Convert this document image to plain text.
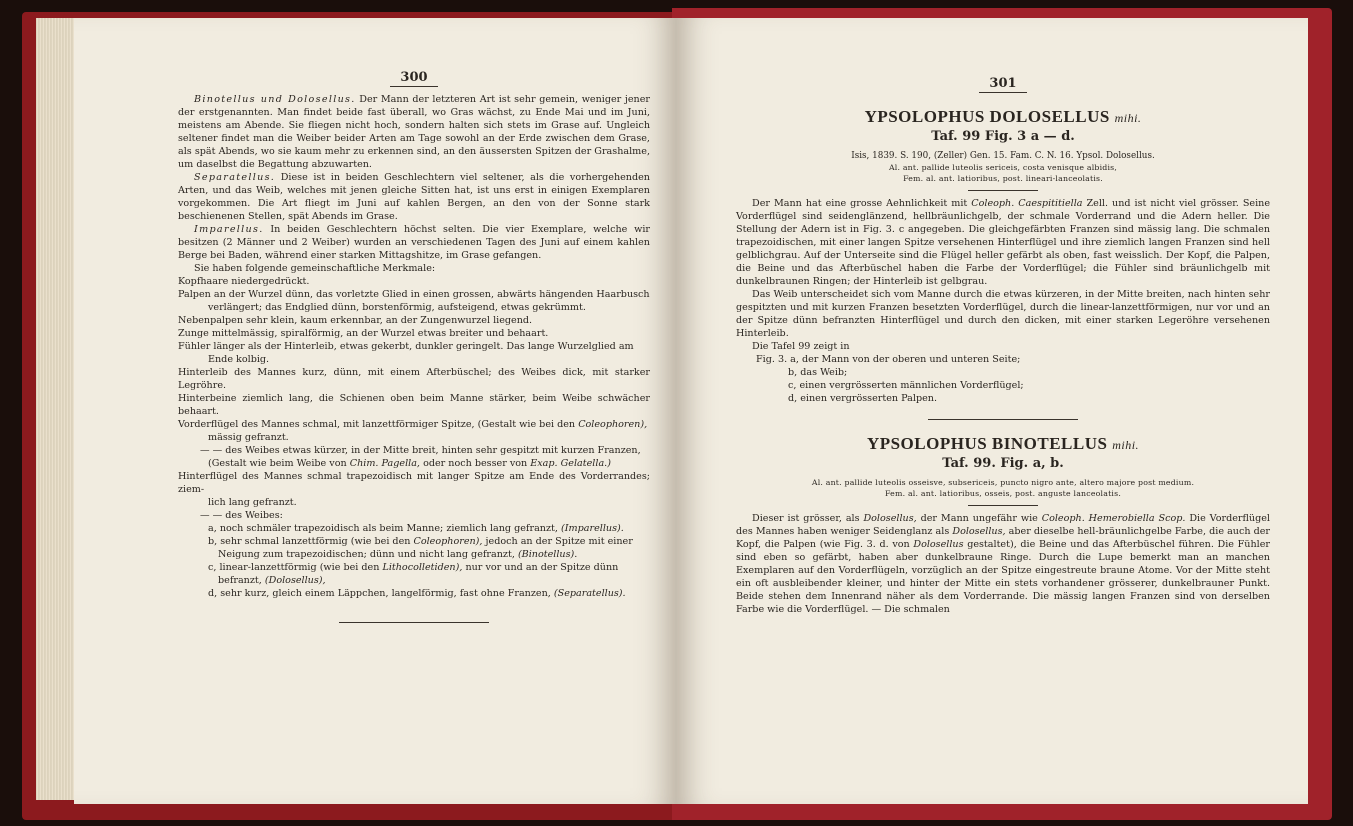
300

Binotellus und Dolosellus. Der Mann der letzteren Art ist sehr gemein, weniger jener der erstgenannten. Man findet beide fast überall, wo Gras wächst, zu Ende Mai und im Juni, meistens am Abende. Sie fliegen nicht hoch, sondern halten sich stets im Grase auf. Ungleich seltener findet man die Weiber beider Arten am Tage sowohl an der Erde zwischen dem Grase, als spät Abends, wo sie kaum mehr zu erkennen sind, an den äussersten Spitzen der Grashalme, um daselbst die Begattung abzuwarten.

Separatellus. Diese ist in beiden Geschlechtern viel seltener, als die vorhergehenden Arten, und das Weib, welches mit jenen gleiche Sitten hat, ist uns erst in einigen Exemplaren vorgekommen. Die Art fliegt im Juni auf kahlen Bergen, an den von der Sonne stark beschienenen Stellen, spät Abends im Grase.

Imparellus. In beiden Geschlechtern höchst selten. Die vier Exemplare, welche wir besitzen (2 Männer und 2 Weiber) wurden an verschiedenen Tagen des Juni auf einem kahlen Berge bei Baden, während einer starken Mittagshitze, im Grase gefangen.

Sie haben folgende gemeinschaftliche Merkmale:

Kopfhaare niedergedrückt.

Palpen an der Wurzel dünn, das vorletzte Glied in einen grossen, abwärts hängenden Haarbusch

verlängert; das Endglied dünn, borstenförmig, aufsteigend, etwas gekrümmt.

Nebenpalpen sehr klein, kaum erkennbar, an der Zungenwurzel liegend.

Zunge mittelmässig, spiralförmig, an der Wurzel etwas breiter und behaart.

Fühler länger als der Hinterleib, etwas gekerbt, dunkler geringelt. Das lange Wurzelglied am

Ende kolbig.

Hinterleib des Mannes kurz, dünn, mit einem Afterbüschel; des Weibes dick, mit starker Legröhre.

Hinterbeine ziemlich lang, die Schienen oben beim Manne stärker, beim Weibe schwächer behaart.

Vorderflügel des Mannes schmal, mit lanzettförmiger Spitze, (Gestalt wie bei den Coleophoren),

mässig gefranzt.

— — des Weibes etwas kürzer, in der Mitte breit, hinten sehr gespitzt mit kurzen Franzen,

(Gestalt wie beim Weibe von Chim. Pagella, oder noch besser von Exap. Gelatella.)

Hinterflügel des Mannes schmal trapezoidisch mit langer Spitze am Ende des Vorderrandes; ziem-

lich lang gefranzt.

— — des Weibes:

a, noch schmäler trapezoidisch als beim Manne; ziemlich lang gefranzt, (Imparellus).

b, sehr schmal lanzettförmig (wie bei den Coleophoren), jedoch an der Spitze mit einer

Neigung zum trapezoidischen; dünn und nicht lang gefranzt, (Binotellus).

c, linear-lanzettförmig (wie bei den Lithocolletiden), nur vor und an der Spitze dünn

befranzt, (Dolosellus),

d, sehr kurz, gleich einem Läppchen, langelförmig, fast ohne Franzen, (Separatellus).

301
YPSOLOPHUS DOLOSELLUS mihi.
Taf. 99 Fig. 3 a — d.

Isis, 1839. S. 190, (Zeller) Gen. 15. Fam. C. N. 16. Ypsol. Dolosellus.

Al. ant. pallide luteolis sericeis, costa venisque albidis,

Fem. al. ant. latioribus, post. lineari-lanceolatis.

Der Mann hat eine grosse Aehnlichkeit mit Coleoph. Caespititiella Zell. und ist nicht viel grösser. Seine Vorderflügel sind seidenglänzend, hellbräunlichgelb, der schmale Vorderrand und die Adern heller. Die Stellung der Adern ist in Fig. 3. c angegeben. Die gleichgefärbten Franzen sind mässig lang. Die schmalen trapezoidischen, mit einer langen Spitze versehenen Hinterflügel und ihre ziemlich langen Franzen sind hell gelblichgrau. Auf der Unterseite sind die Flügel heller gefärbt als oben, fast weisslich. Der Kopf, die Palpen, die Beine und das Afterbüschel haben die Farbe der Vorderflügel; die Fühler sind bräunlichgelb mit dunkelbraunen Ringen; der Hinterleib ist gelbgrau.

Das Weib unterscheidet sich vom Manne durch die etwas kürzeren, in der Mitte breiten, nach hinten sehr gespitzten und mit kurzen Franzen besetzten Vorderflügel, durch die linear-lanzettförmigen, nur vor und an der Spitze dünn befranzten Hinterflügel und durch den dicken, mit einer starken Legeröhre versehenen Hinterleib.

Die Tafel 99 zeigt in

Fig. 3. a, der Mann von der oberen und unteren Seite;

b, das Weib;

c, einen vergrösserten männlichen Vorderflügel;

d, einen vergrösserten Palpen.

YPSOLOPHUS BINOTELLUS mihi.
Taf. 99. Fig. a, b.

Al. ant. pallide luteolis osseisve, subsericeis, puncto nigro ante, altero majore post medium.

Fem. al. ant. latioribus, osseis, post. anguste lanceolatis.

Dieser ist grösser, als Dolosellus, der Mann ungefähr wie Coleoph. Hemerobiella Scop. Die Vorderflügel des Mannes haben weniger Seidenglanz als Dolosellus, aber dieselbe hell-bräunlichgelbe Farbe, die auch der Kopf, die Palpen (wie Fig. 3. d. von Dolosellus gestaltet), die Beine und das Afterbüschel führen. Die Fühler sind eben so gefärbt, haben aber dunkelbraune Ringe. Durch die Lupe bemerkt man an manchen Exemplaren auf den Vorderflügeln, vorzüglich an der Spitze eingestreute braune Atome. Vor der Mitte steht ein oft ausbleibender kleiner, und hinter der Mitte ein stets vorhandener grösserer, dunkelbrauner Punkt. Beide stehen dem Innenrand näher als dem Vorderrande. Die mässig langen Franzen sind von derselben Farbe wie die Vorderflügel. — Die schmalen
